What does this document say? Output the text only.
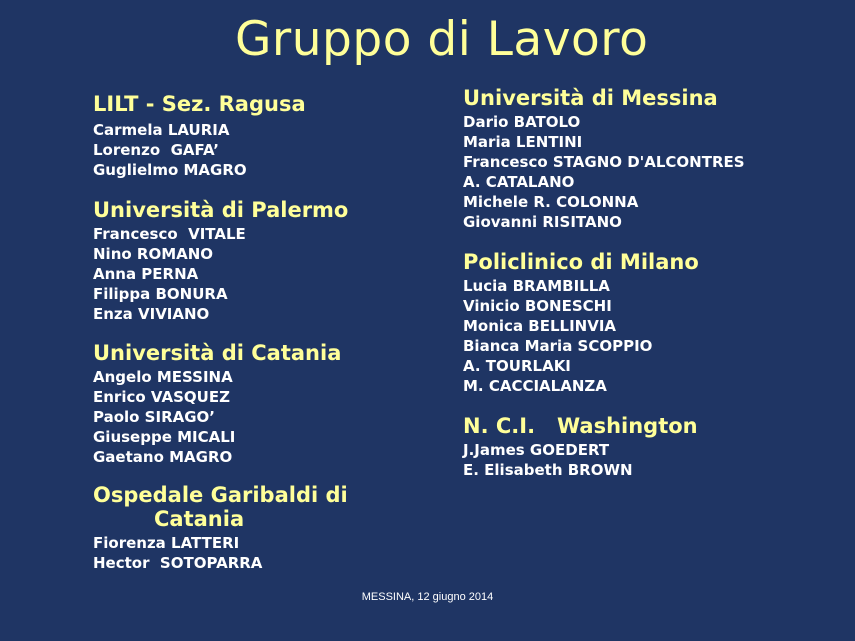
Gruppo di Lavoro
LILT - Sez. Ragusa
Carmela LAURIA
Lorenzo  GAFA’
Guglielmo MAGRO
Università di Palermo
Francesco  VITALE
Nino ROMANO
Anna PERNA
Filippa BONURA
Enza VIVIANO
Università di Catania
Angelo MESSINA
Enrico VASQUEZ
Paolo SIRAGO’
Giuseppe MICALI
Gaetano MAGRO
Ospedale Garibaldi di
Catania
Fiorenza LATTERI
Hector  SOTOPARRA
Università di Messina
Dario BATOLO
Maria LENTINI
Francesco STAGNO D'ALCONTRES
A. CATALANO
Michele R. COLONNA
Giovanni RISITANO
Policlinico di Milano
Lucia BRAMBILLA
Vinicio BONESCHI
Monica BELLINVIA
Bianca Maria SCOPPIO
A. TOURLAKI
M. CACCIALANZA
N. C.I.   Washington
J.James GOEDERT
E. Elisabeth BROWN
MESSINA, 12 giugno 2014
